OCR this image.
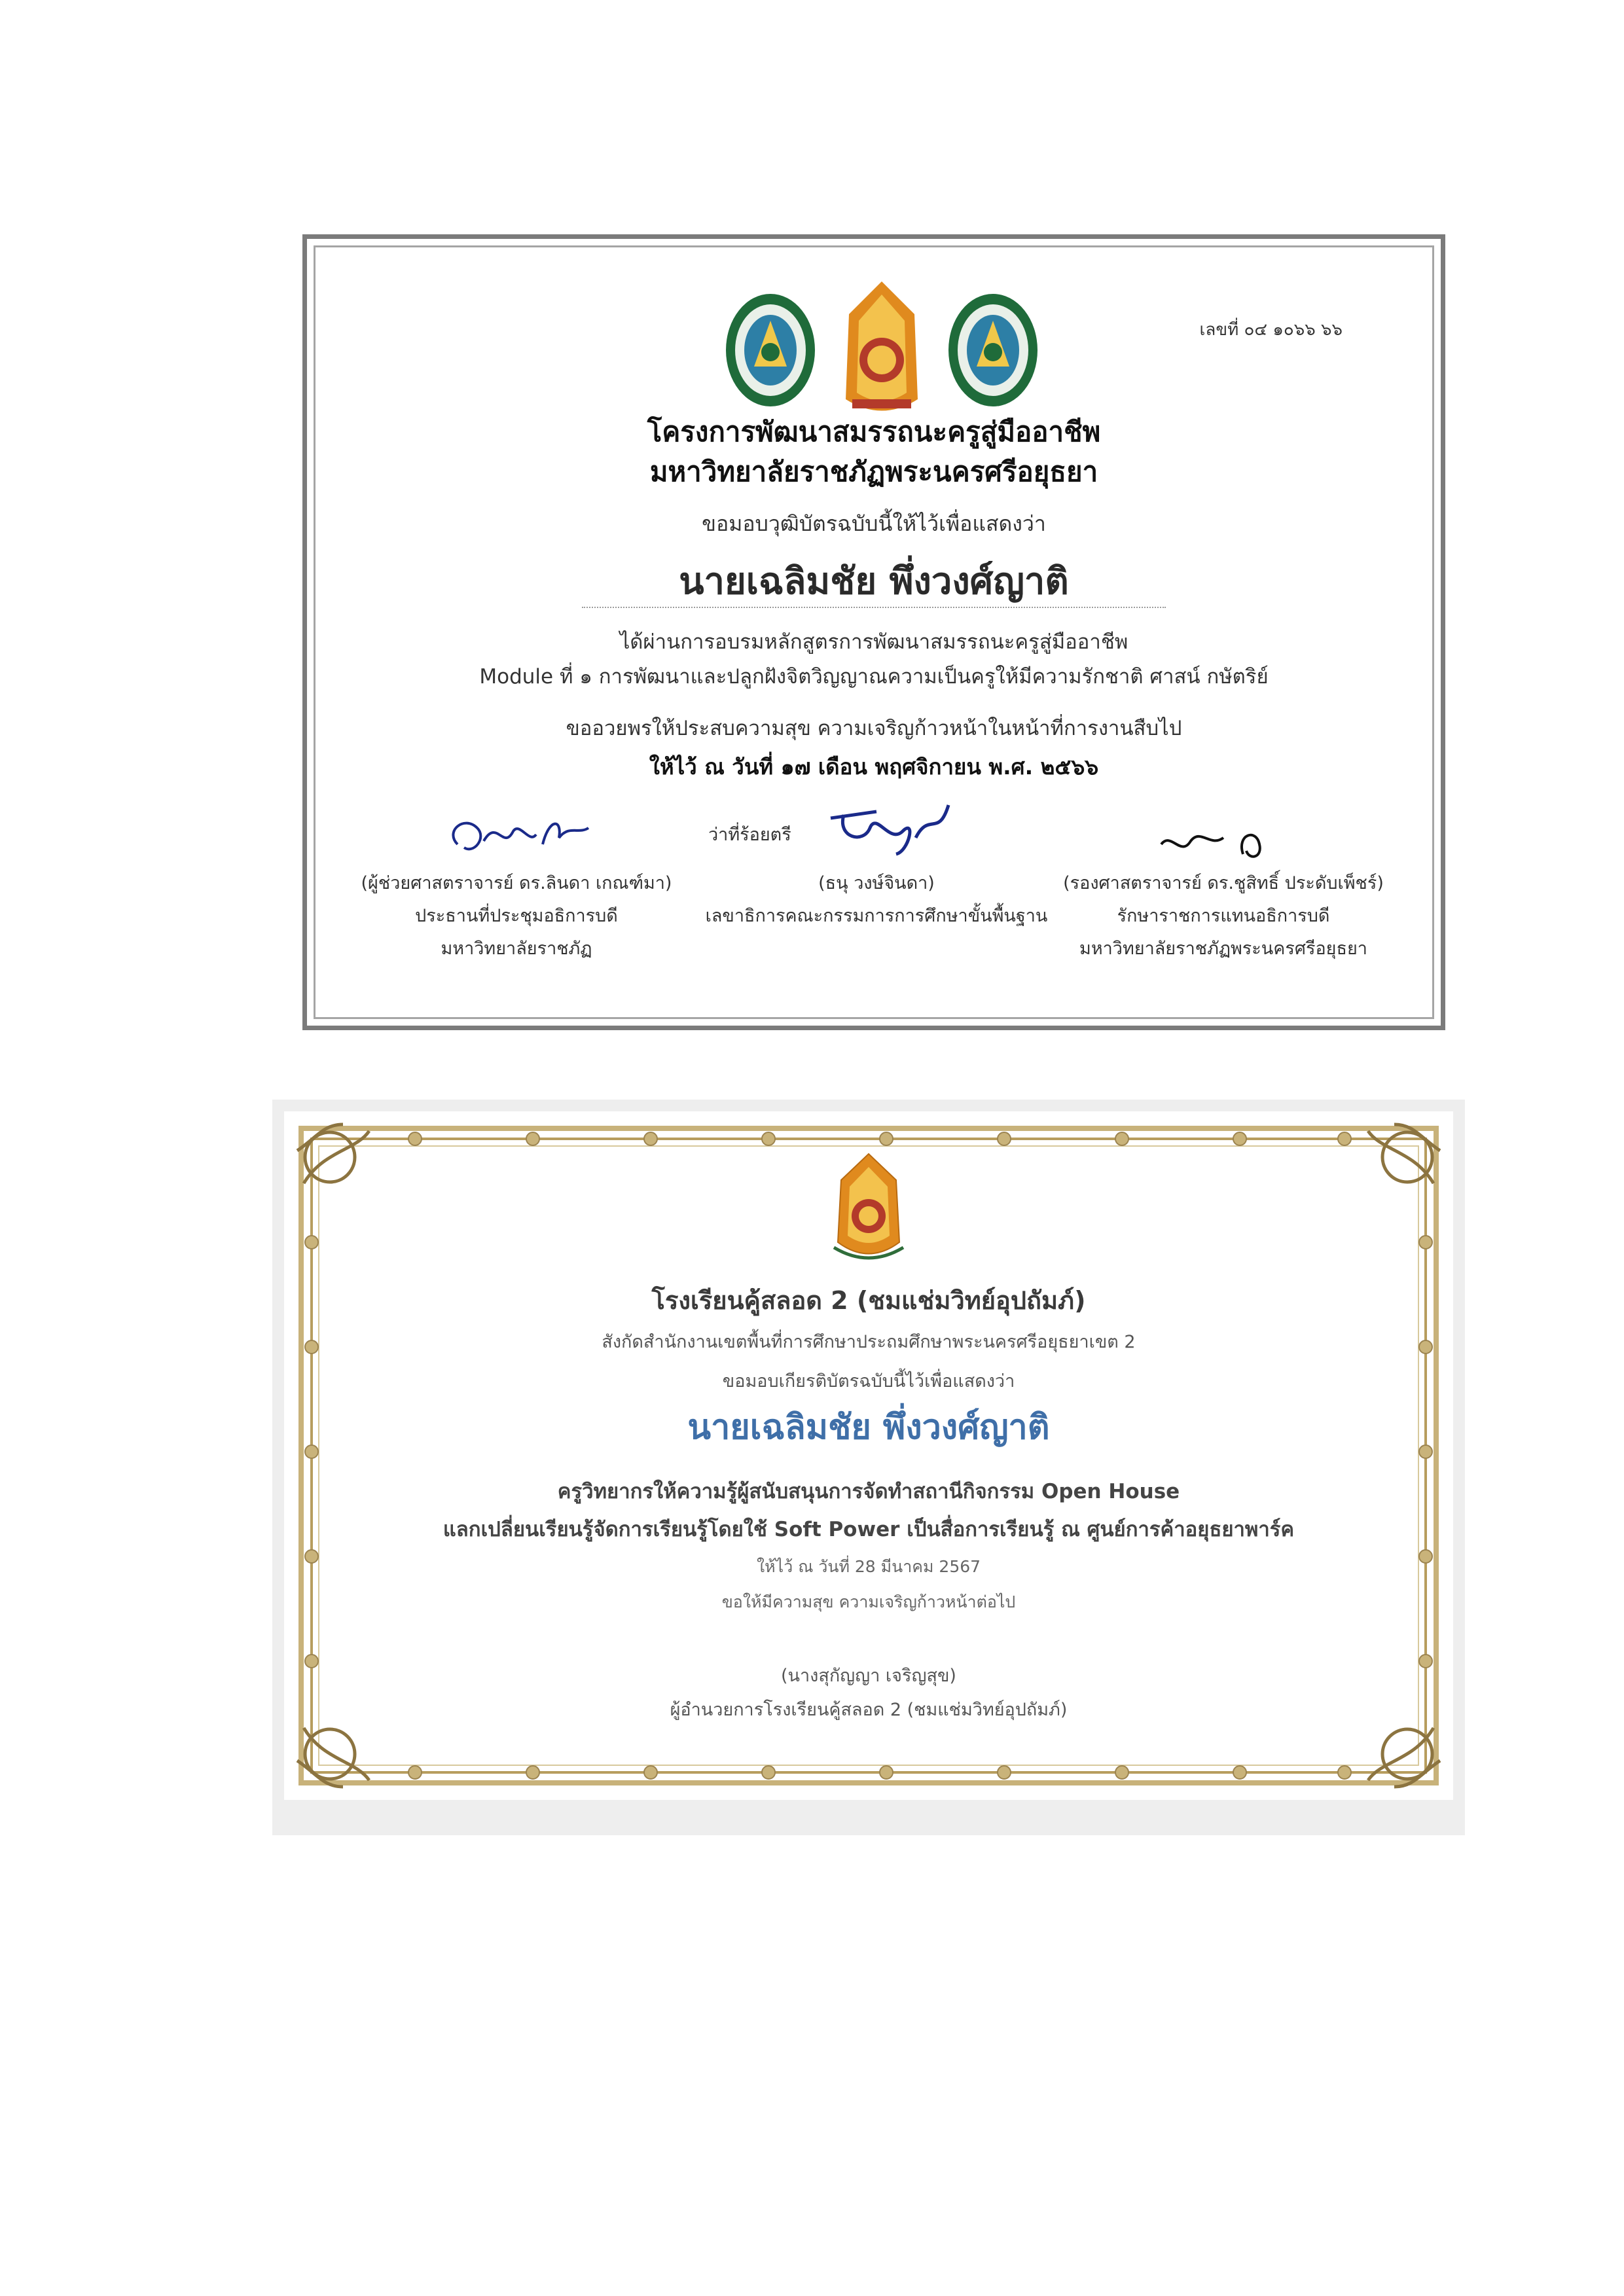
เลขที่ ๐๔ ๑๐๖๖ ๖๖
โครงการพัฒนาสมรรถนะครูสู่มืออาชีพ
มหาวิทยาลัยราชภัฏพระนครศรีอยุธยา
ขอมอบวุฒิบัตรฉบับนี้ให้ไว้เพื่อแสดงว่า
นายเฉลิมชัย พึ่งวงศ์ญาติ
ได้ผ่านการอบรมหลักสูตรการพัฒนาสมรรถนะครูสู่มืออาชีพ
Module ที่ ๑ การพัฒนาและปลูกฝังจิตวิญญาณความเป็นครูให้มีความรักชาติ ศาสน์ กษัตริย์
ขออวยพรให้ประสบความสุข ความเจริญก้าวหน้าในหน้าที่การงานสืบไป
ให้ไว้ ณ วันที่ ๑๗ เดือน พฤศจิกายน พ.ศ. ๒๕๖๖
ว่าที่ร้อยตรี
(ผู้ช่วยศาสตราจารย์ ดร.ลินดา เกณฑ์มา)
ประธานที่ประชุมอธิการบดี
มหาวิทยาลัยราชภัฏ
(ธนุ วงษ์จินดา)
เลขาธิการคณะกรรมการการศึกษาขั้นพื้นฐาน
(รองศาสตราจารย์ ดร.ชูสิทธิ์ ประดับเพ็ชร์)
รักษาราชการแทนอธิการบดี
มหาวิทยาลัยราชภัฏพระนครศรีอยุธยา
โรงเรียนคู้สลอด 2 (ชมแช่มวิทย์อุปถัมภ์)
สังกัดสำนักงานเขตพื้นที่การศึกษาประถมศึกษาพระนครศรีอยุธยาเขต 2
ขอมอบเกียรติบัตรฉบับนี้ไว้เพื่อแสดงว่า
นายเฉลิมชัย พึ่งวงศ์ญาติ
ครูวิทยากรให้ความรู้ผู้สนับสนุนการจัดทำสถานีกิจกรรม Open House
แลกเปลี่ยนเรียนรู้จัดการเรียนรู้โดยใช้ Soft Power เป็นสื่อการเรียนรู้ ณ ศูนย์การค้าอยุธยาพาร์ค
ให้ไว้ ณ วันที่ 28 มีนาคม 2567
ขอให้มีความสุข ความเจริญก้าวหน้าต่อไป
(นางสุกัญญา เจริญสุข)
ผู้อำนวยการโรงเรียนคู้สลอด 2 (ชมแช่มวิทย์อุปถัมภ์)
